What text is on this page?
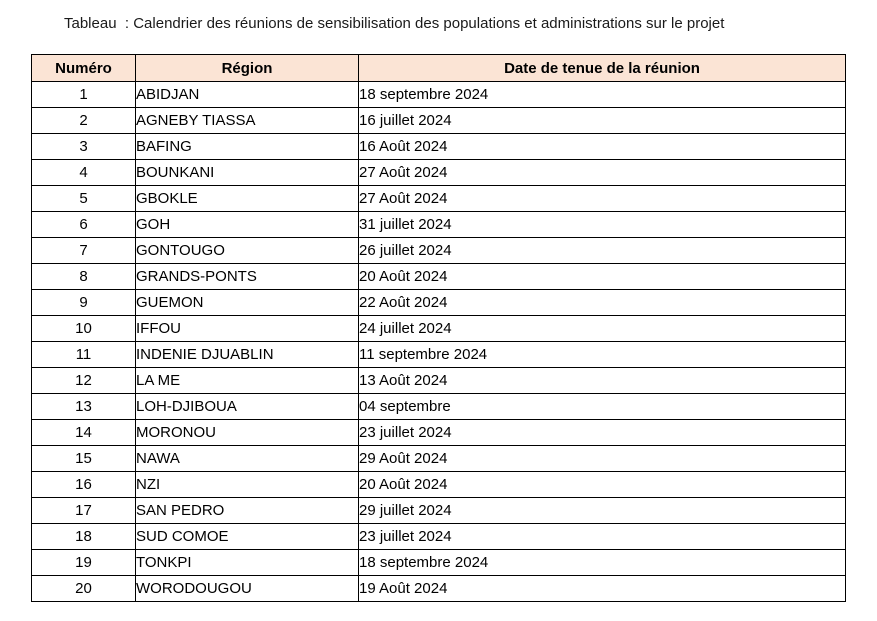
Tableau  : Calendrier des réunions de sensibilisation des populations et administrations sur le projet
Numéro	Région	Date de tenue de la réunion
1	ABIDJAN	18 septembre 2024
2	AGNEBY TIASSA	16 juillet 2024
3	BAFING	16 Août 2024
4	BOUNKANI	27 Août 2024
5	GBOKLE	27 Août 2024
6	GOH	31 juillet 2024
7	GONTOUGO	26 juillet 2024
8	GRANDS-PONTS	20 Août 2024
9	GUEMON	22 Août 2024
10	IFFOU	24 juillet 2024
11	INDENIE DJUABLIN	11 septembre 2024
12	LA ME	13 Août 2024
13	LOH-DJIBOUA	04 septembre
14	MORONOU	23 juillet 2024
15	NAWA	29 Août 2024
16	NZI	20 Août 2024
17	SAN PEDRO	29 juillet 2024
18	SUD COMOE	23 juillet 2024
19	TONKPI	18 septembre 2024
20	WORODOUGOU	19 Août 2024
